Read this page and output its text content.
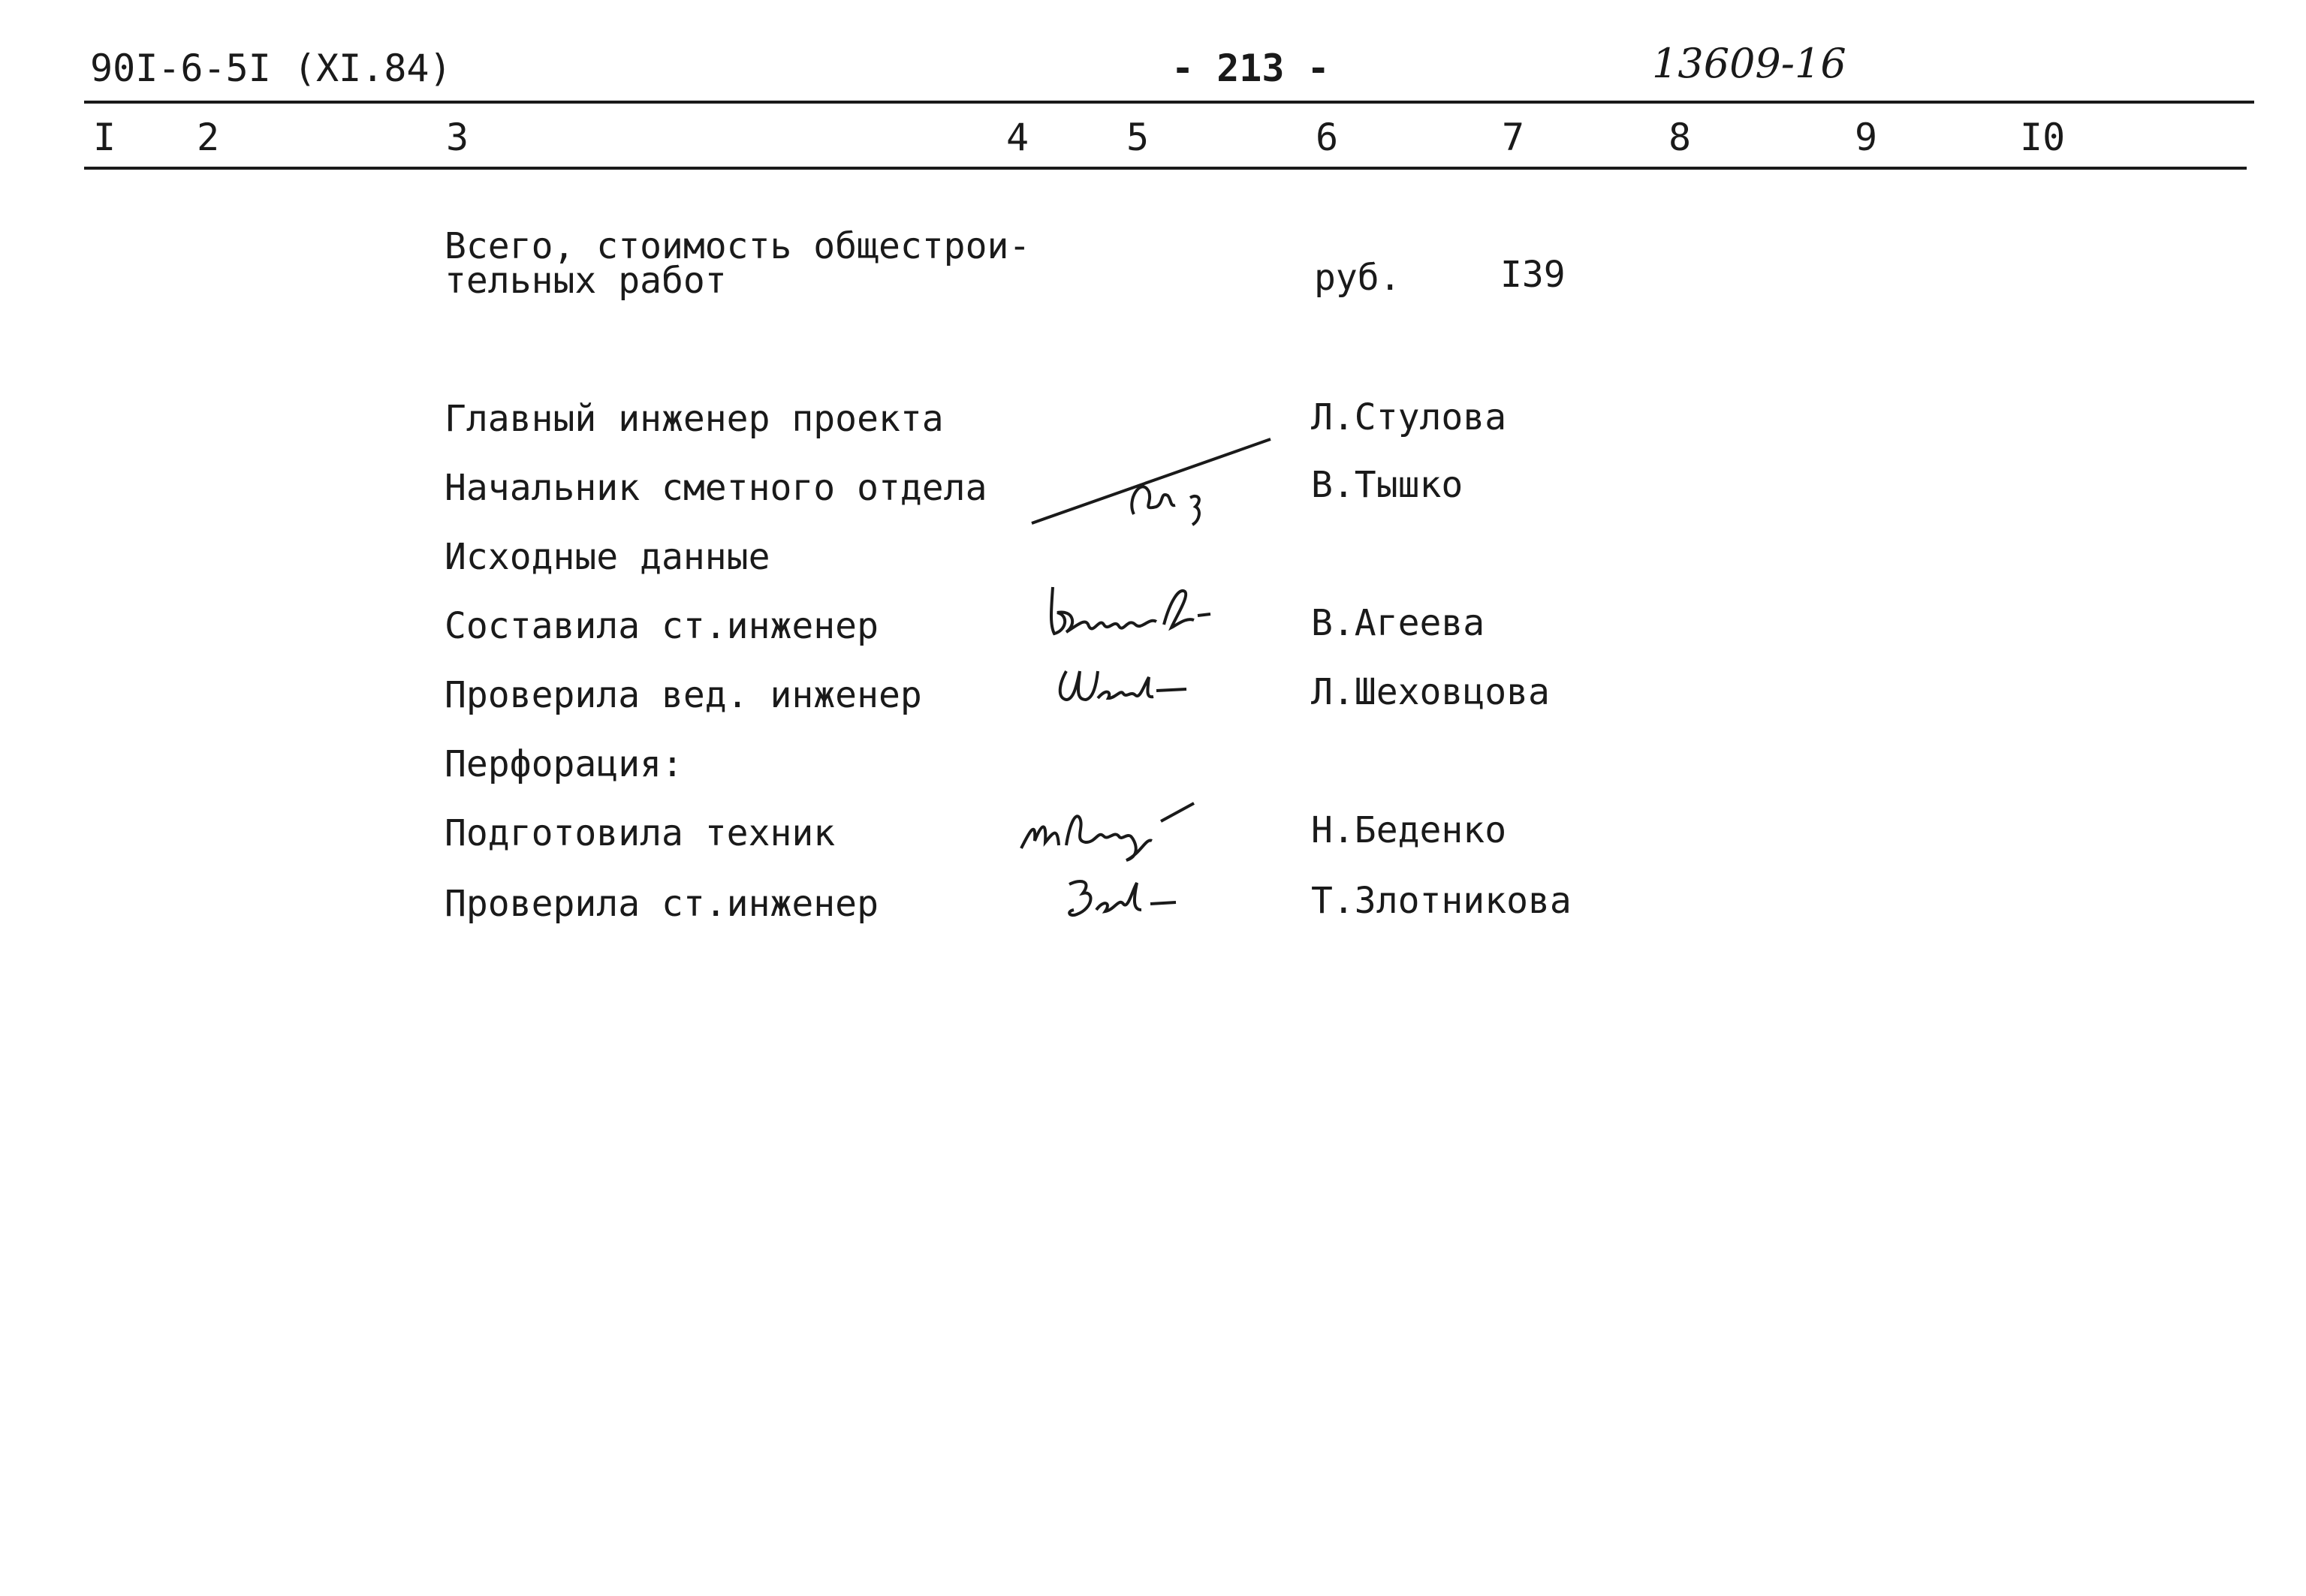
90I-6-5I (XI.84)	- 213 -	13609-16
I 2	3	4	5	6	7	8	9	I0
Всего, стоимость общестрои-
тельных работ	руб.	I39
Главный инженер проекта	Л.Стулова
Начальник сметного отдела	В.Тышко
Исходные данные
Составила ст.инженер	В.Агеева
Проверила вед. инженер	Л.Шеховцова
Перфорация:
Подготовила техник	Н.Беденко
Проверила ст.инженер	Т.Злотникова
